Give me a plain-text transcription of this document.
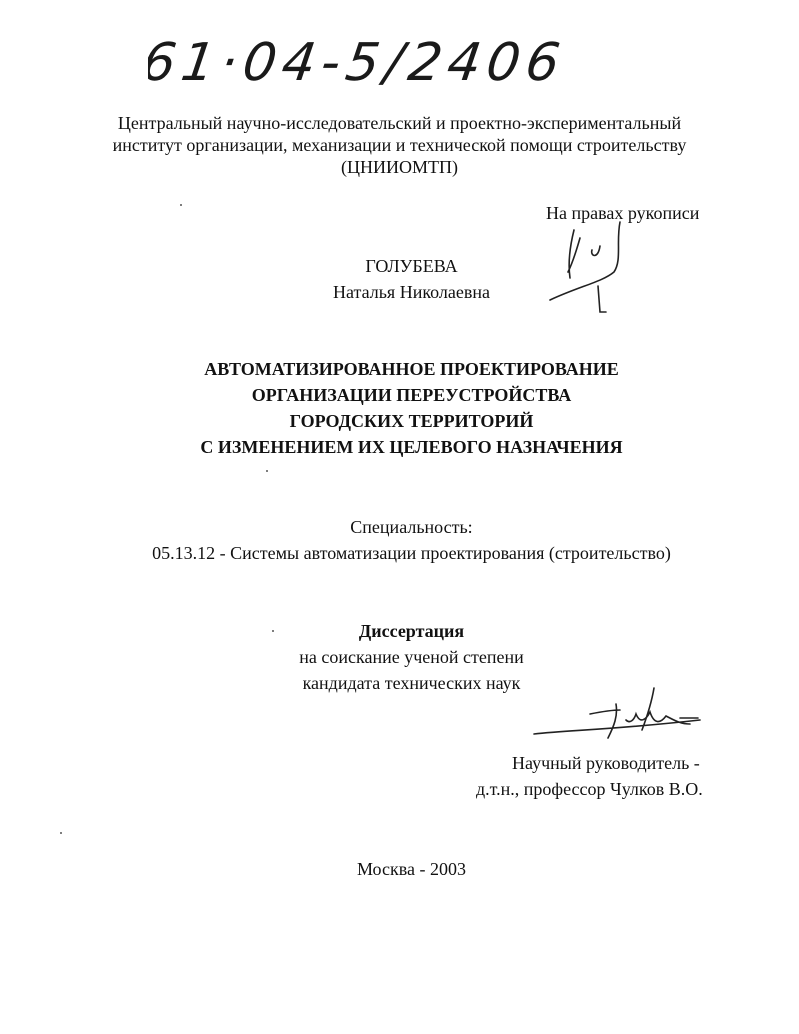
61·04-5/2406
Центральный научно-исследовательский и проектно-экспериментальный
институт организации, механизации и технической помощи строительству
(ЦНИИОМТП)
На правах рукописи
ГОЛУБЕВА
Наталья Николаевна
АВТОМАТИЗИРОВАННОЕ ПРОЕКТИРОВАНИЕ
ОРГАНИЗАЦИИ ПЕРЕУСТРОЙСТВА
ГОРОДСКИХ ТЕРРИТОРИЙ
С ИЗМЕНЕНИЕМ ИХ ЦЕЛЕВОГО НАЗНАЧЕНИЯ
Специальность:
05.13.12 - Системы автоматизации проектирования (строительство)
Диссертация
на соискание ученой степени
кандидата технических наук
Научный руководитель -
д.т.н., профессор Чулков В.О.
Москва - 2003
